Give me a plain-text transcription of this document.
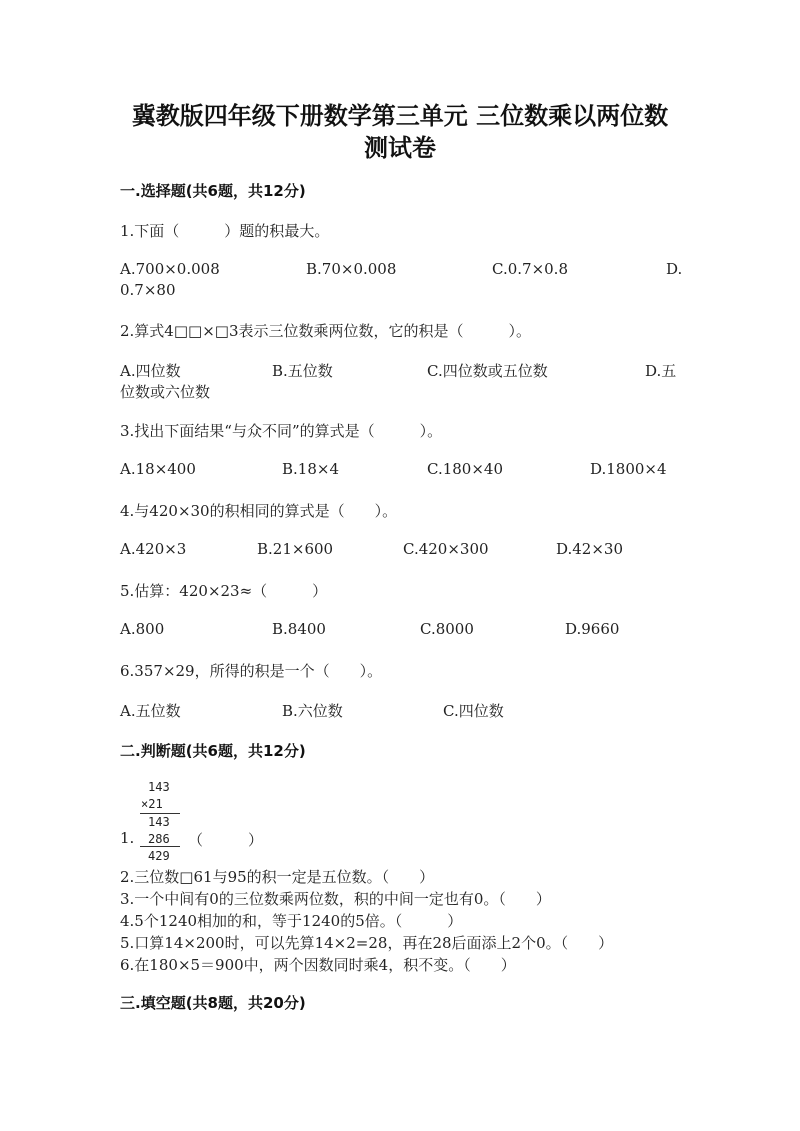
冀教版四年级下册数学第三单元 三位数乘以两位数
测试卷
一.选择题(共6题，共12分)
1.下面（　　　）题的积最大。
A.700×0.008	B.70×0.008	C.0.7×0.8	D.
0.7×80
2.算式4□□×□3表示三位数乘两位数，它的积是（　　　）。
A.四位数	B.五位数	C.四位数或五位数	D.五
位数或六位数
3.找出下面结果“与众不同”的算式是（　　　）。
A.18×400	B.18×4	C.180×40	D.1800×4
4.与420×30的积相同的算式是（　　）。
A.420×3	B.21×600	C.420×300	D.42×30
5.估算：420×23≈（　　　）
A.800	B.8400	C.8000	D.9660
6.357×29，所得的积是一个（　　）。
A.五位数	B.六位数	C.四位数
二.判断题(共6题，共12分)
143
×21
143
286
429
1.	（　　　）
2.三位数□61与95的积一定是五位数。（　　）
3.一个中间有0的三位数乘两位数，积的中间一定也有0。（　　）
4.5个1240相加的和，等于1240的5倍。（　　　）
5.口算14×200时，可以先算14×2=28，再在28后面添上2个0。（　　）
6.在180×5＝900中，两个因数同时乘4，积不变。（　　）
三.填空题(共8题，共20分)
